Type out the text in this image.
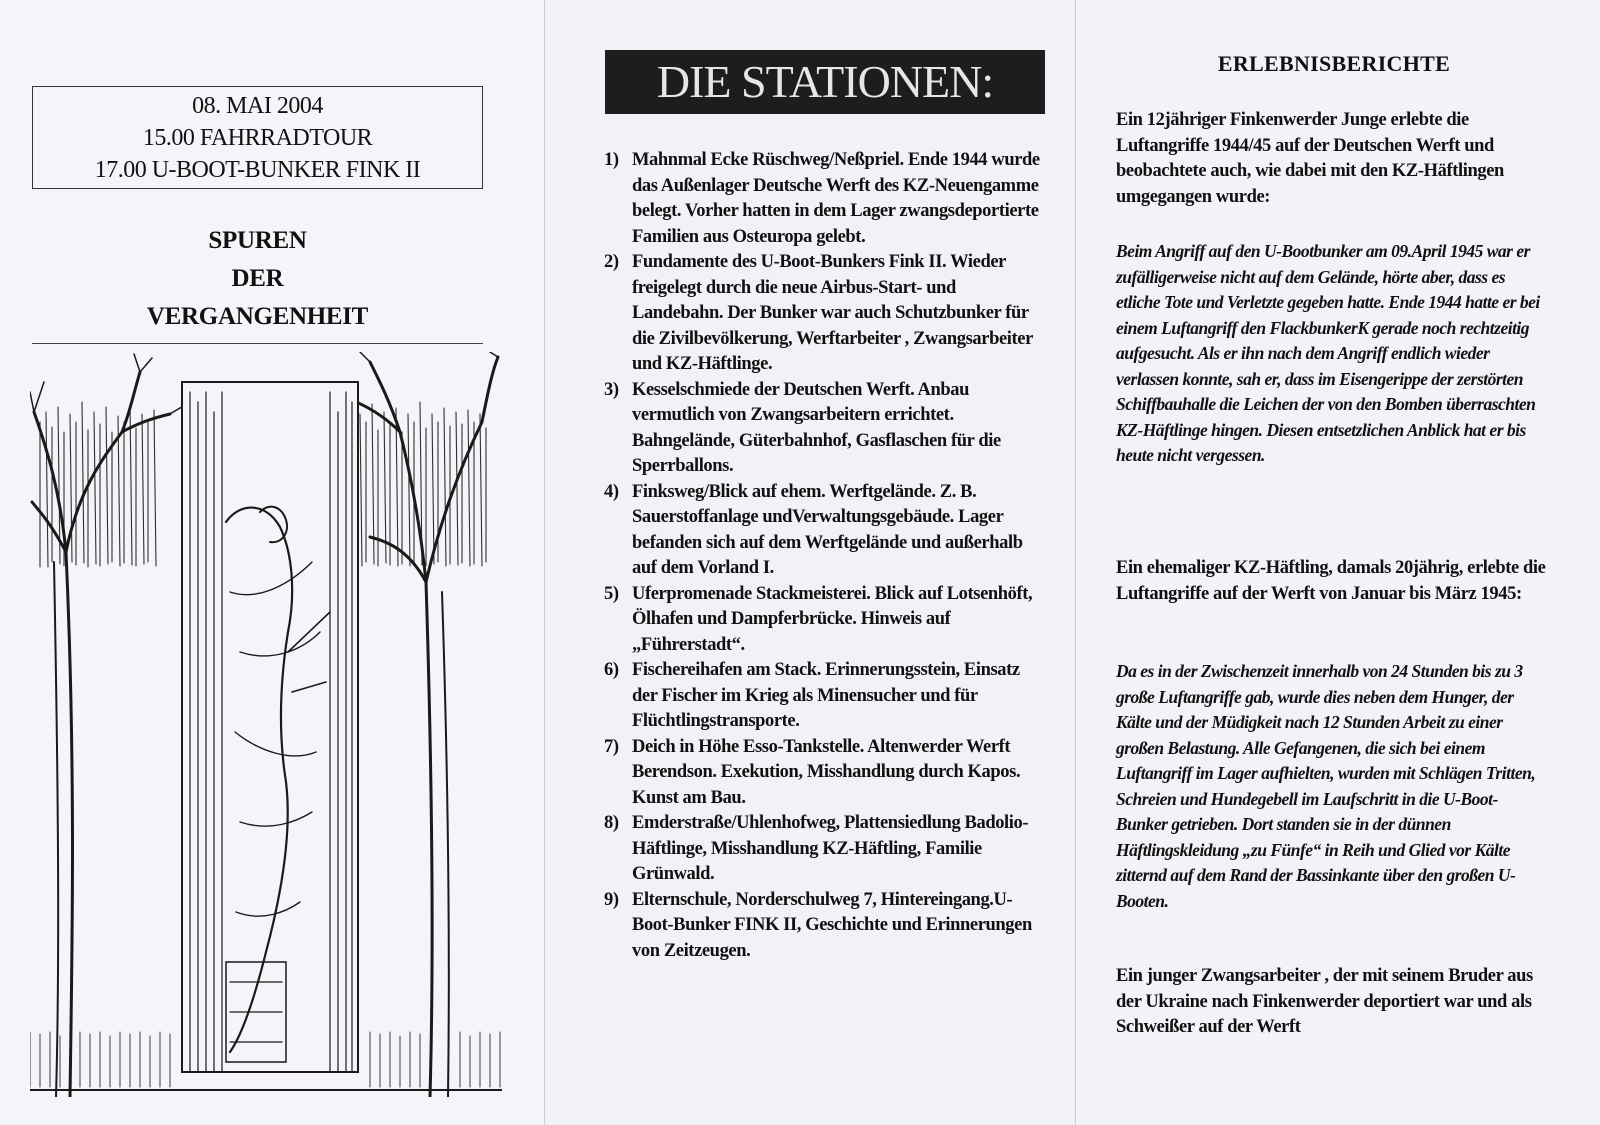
08. MAI 2004
15.00 FAHRRADTOUR
17.00 U-BOOT-BUNKER FINK II
SPUREN
DER
VERGANGENHEIT
DIE STATIONEN:
1) Mahnmal Ecke Rüschweg/Neßpriel. Ende 1944 wurde das Außenlager Deutsche Werft des KZ-Neuengamme belegt. Vorher hatten in dem Lager zwangsdeportierte Familien aus Osteuropa gelebt.
2) Fundamente des U-Boot-Bunkers Fink II. Wieder freigelegt durch die neue Airbus-Start- und Landebahn. Der Bunker war auch Schutzbunker für die Zivilbevölkerung, Werftarbeiter , Zwangsarbeiter und KZ-Häftlinge.
3) Kesselschmiede der Deutschen Werft. Anbau vermutlich von Zwangsarbeitern errichtet. Bahngelände, Güterbahnhof, Gasflaschen für die Sperrballons.
4) Finksweg/Blick auf ehem. Werftgelände. Z. B. Sauerstoffanlage undVerwaltungsgebäude. Lager befanden sich auf dem Werftgelände und außerhalb auf dem Vorland I.
5) Uferpromenade Stackmeisterei. Blick auf Lotsenhöft, Ölhafen und Dampferbrücke. Hinweis auf „Führerstadt“.
6) Fischereihafen am Stack. Erinnerungsstein, Einsatz der Fischer im Krieg als Minensucher und für Flüchtlingstransporte.
7) Deich in Höhe Esso-Tankstelle. Altenwerder Werft Berendson. Exekution, Misshandlung durch Kapos. Kunst am Bau.
8) Emderstraße/Uhlenhofweg, Plattensiedlung Badolio-Häftlinge, Misshandlung KZ-Häftling, Familie Grünwald.
9) Elternschule, Norderschulweg 7, Hintereingang.U-Boot-Bunker FINK II, Geschichte und Erinnerungen von Zeitzeugen.
ERLEBNISBERICHTE
Ein 12jähriger Finkenwerder Junge erlebte die Luftangriffe 1944/45 auf der Deutschen Werft und beobachtete auch, wie dabei mit den KZ-Häftlingen umgegangen wurde:
Beim Angriff auf den U-Bootbunker am 09.April 1945 war er zufälligerweise nicht auf dem Gelände, hörte aber, dass es etliche Tote und Verletzte gegeben hatte. Ende 1944 hatte er bei einem Luftangriff den FlackbunkerK gerade noch rechtzeitig aufgesucht. Als er ihn nach dem Angriff endlich wieder verlassen konnte, sah er, dass im Eisengerippe der zerstörten Schiffbauhalle die Leichen der von den Bomben überraschten KZ-Häftlinge hingen. Diesen entsetzlichen Anblick hat er bis heute nicht vergessen.
Ein ehemaliger KZ-Häftling, damals 20jährig, erlebte die Luftangriffe auf der Werft von Januar bis März 1945:
Da es in der Zwischenzeit innerhalb von 24 Stunden bis zu 3 große Luftangriffe gab, wurde dies neben dem Hunger, der Kälte und der Müdigkeit nach 12 Stunden Arbeit zu einer großen Belastung. Alle Gefangenen, die sich bei einem Luftangriff im Lager aufhielten, wurden mit Schlägen Tritten, Schreien und Hundegebell im Laufschritt in die U-Boot-Bunker getrieben. Dort standen sie in der dünnen Häftlingskleidung „zu Fünfe“ in Reih und Glied vor Kälte zitternd auf dem Rand der Bassinkante über den großen U-Booten.
Ein junger Zwangsarbeiter , der mit seinem Bruder aus der Ukraine nach Finkenwerder deportiert war und als Schweißer auf der Werft
